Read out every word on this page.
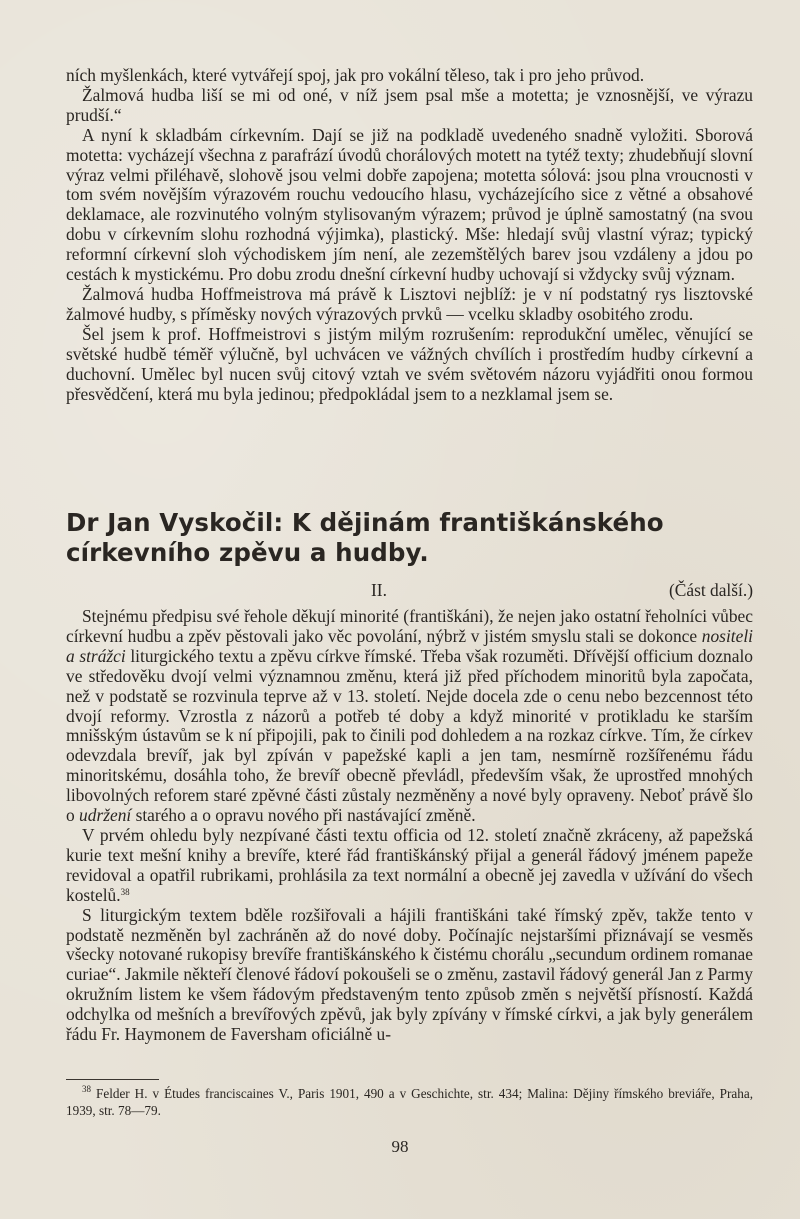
ních myšlenkách, které vytvářejí spoj, jak pro vokální těleso, tak i pro jeho průvod.

Žalmová hudba liší se mi od oné, v níž jsem psal mše a motetta; je vznosnější, ve výrazu prudší.“

A nyní k skladbám církevním. Dají se již na podkladě uvedeného snadně vyložiti. Sborová motetta: vycházejí všechna z parafrází úvodů chorálových motett na tytéž texty; zhudebňují slovní výraz velmi přiléhavě, slohově jsou velmi dobře zapojena; motetta sólová: jsou plna vroucnosti v tom svém novějším výrazovém rouchu vedoucího hlasu, vycházejícího sice z větné a obsahové deklamace, ale rozvinutého volným stylisovaným výrazem; průvod je úplně samostatný (na svou dobu v církevním slohu rozhodná výjimka), plastický. Mše: hledají svůj vlastní výraz; typický reformní církevní sloh východiskem jím není, ale zezemštělých barev jsou vzdáleny a jdou po cestách k mystickému. Pro dobu zrodu dnešní církevní hudby uchovají si vždycky svůj význam.

Žalmová hudba Hoffmeistrova má právě k Lisztovi nejblíž: je v ní podstatný rys lisztovské žalmové hudby, s příměsky nových výrazových prvků — vcelku skladby osobitého zrodu.

Šel jsem k prof. Hoffmeistrovi s jistým milým rozrušením: reprodukční umělec, věnující se světské hudbě téměř výlučně, byl uchvácen ve vážných chvílích i prostředím hudby církevní a duchovní. Umělec byl nucen svůj citový vztah ve svém světovém názoru vyjádřiti onou formou přesvědčení, která mu byla jedinou; předpokládal jsem to a nezklamal jsem se.

Dr Jan Vyskočil: K dějinám františkánského církevního zpěvu a hudby.
II.	(Část další.)

Stejnému předpisu své řehole děkují minorité (františkáni), že nejen jako ostatní řeholníci vůbec církevní hudbu a zpěv pěstovali jako věc povolání, nýbrž v jistém smyslu stali se dokonce nositeli a strážci liturgického textu a zpěvu církve římské. Třeba však rozuměti. Dřívější officium doznalo ve středověku dvojí velmi významnou změnu, která již před příchodem minoritů byla započata, než v podstatě se rozvinula teprve až v 13. století. Nejde docela zde o cenu nebo bezcennost této dvojí reformy. Vzrostla z názorů a potřeb té doby a když minorité v protikladu ke starším mnišským ústavům se k ní připojili, pak to činili pod dohledem a na rozkaz církve. Tím, že církev odevzdala brevíř, jak byl zpíván v papežské kapli a jen tam, nesmírně rozšířenému řádu minoritskému, dosáhla toho, že brevíř obecně převládl, především však, že uprostřed mnohých libovolných reforem staré zpěvné části zůstaly nezměněny a nové byly opraveny. Neboť právě šlo o udržení starého a o opravu nového při nastávající změně.

V prvém ohledu byly nezpívané části textu officia od 12. století značně zkráceny, až papežská kurie text mešní knihy a brevíře, které řád františkánský přijal a generál řádový jménem papeže revidoval a opatřil rubrikami, prohlásila za text normální a obecně jej zavedla v užívání do všech kostelů.$^{38}$

S liturgickým textem bděle rozšiřovali a hájili františkáni také římský zpěv, takže tento v podstatě nezměněn byl zachráněn až do nové doby. Počínajíc nejstaršími přiznávají se vesměs všecky notované rukopisy brevíře františkánského k čistému chorálu „secundum ordinem romanae curiae“. Jakmile někteří členové řádoví pokoušeli se o změnu, zastavil řádový generál Jan z Parmy okružním listem ke všem řádovým představeným tento způsob změn s největší přísností. Každá odchylka od mešních a brevířových zpěvů, jak byly zpívány v římské církvi, a jak byly generálem řádu Fr. Haymonem de Faversham oficiálně u-

$^{38}$ Felder H. v Études franciscaines V., Paris 1901, 490 a v Geschichte, str. 434; Malina: Dějiny římského breviáře, Praha, 1939, str. 78—79.

98
